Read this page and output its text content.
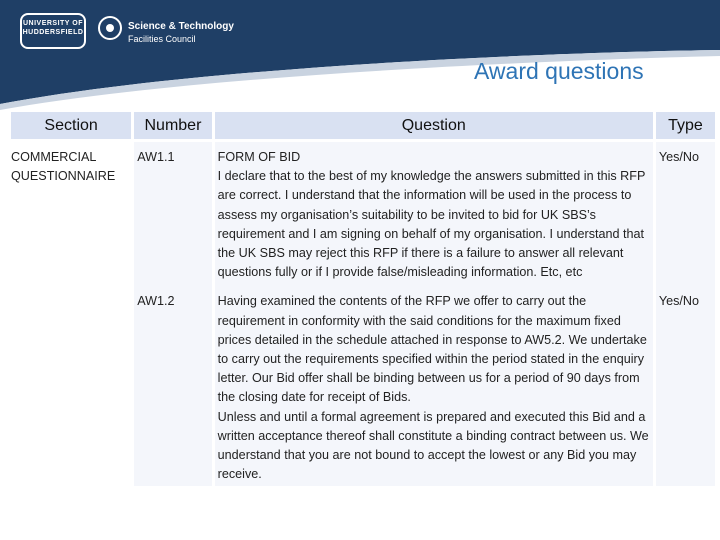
UNIVERSITY OF HUDDERSFIELD
Science & Technology
Facilities Council
Award questions
Section	Number	Question	Type
COMMERCIAL QUESTIONNAIRE	AW1.1	FORM OF BID
I declare that to the best of my knowledge the answers submitted in this RFP are correct. I understand that the information will be used in the process to assess my organisation’s suitability to be invited to bid for UK SBS’s requirement and I am signing on behalf of my organisation. I understand that the UK SBS may reject this RFP if there is a failure to answer all relevant questions fully or if I provide false/misleading information. Etc, etc	Yes/No
	AW1.2	Having examined the contents of the RFP we offer to carry out the requirement in conformity with the said conditions for the maximum fixed prices detailed in the schedule attached in response to AW5.2. We undertake to carry out the requirements specified within the period stated in the enquiry letter. Our Bid offer shall be binding between us for a period of 90 days from the closing date for receipt of Bids.
Unless and until a formal agreement is prepared and executed this Bid and a written acceptance thereof shall constitute a binding contract between us. We understand that you are not bound to accept the lowest or any Bid you may receive.	Yes/No
